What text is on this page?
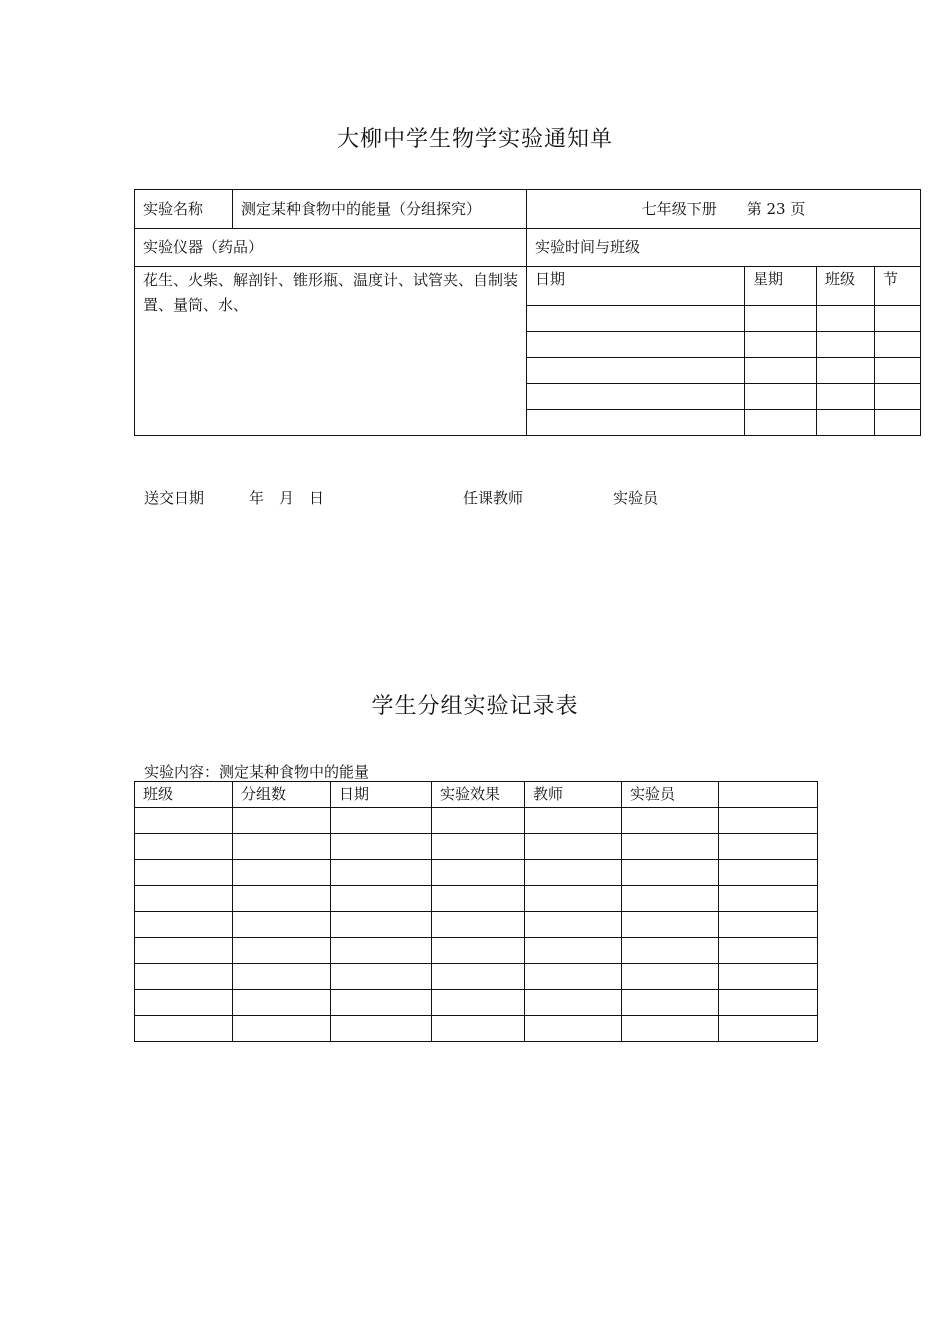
大柳中学生物学实验通知单
实验名称	测定某种食物中的能量（分组探究）	七年级下册　　第 23 页			
实验仪器（药品）		实验时间与班级			
花生、火柴、解剖针、锥形瓶、温度计、试管夹、自制装置、量筒、水、		日期	星期	班级	节

送交日期　　　年　月　日	任课教师	实验员
学生分组实验记录表
实验内容：测定某种食物中的能量
班级	分组数	日期	实验效果	教师	实验员	
